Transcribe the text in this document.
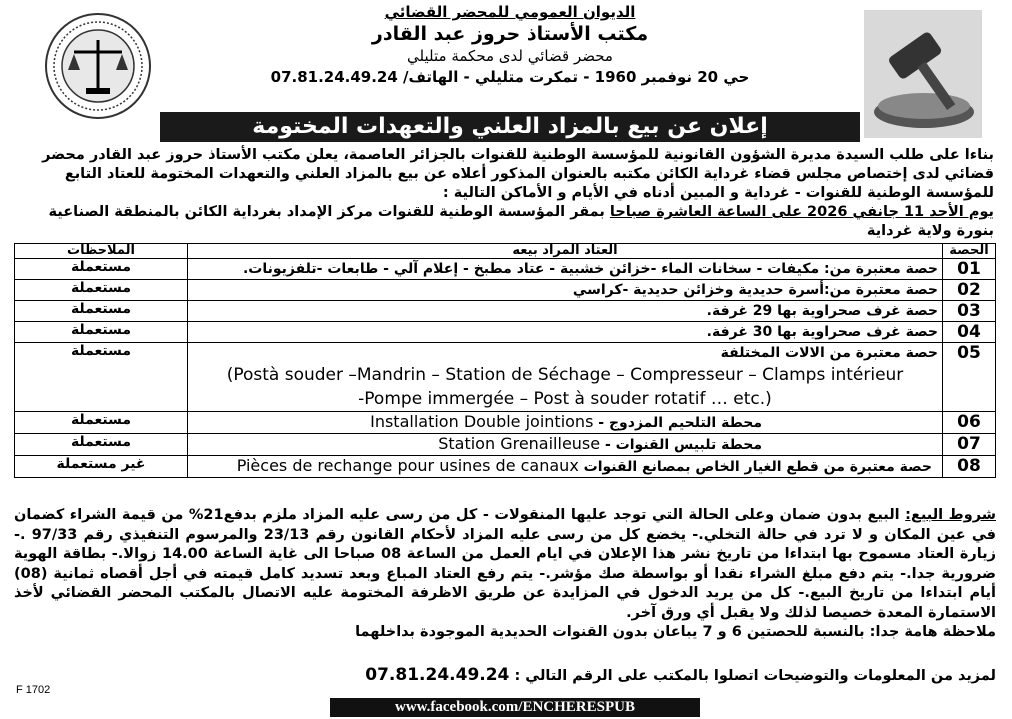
الديوان العمومي للمحضر القضائي
مكتب الأستاذ حروز عبد القادر
محضر قضائي لدى محكمة متليلي
حي 20 نوفمبر 1960 - تمكرت متليلي - الهاتف/ 07.81.24.49.24
إعلان عن بيع بالمزاد العلني والتعهدات المختومة

بناءا على طلب السيدة مديرة الشؤون القانونية للمؤسسة الوطنية للقنوات بالجزائر العاصمة، يعلن مكتب الأستاذ حروز عبد القادر محضر قضائي لدى إختصاص مجلس قضاء غرداية الكائن مكتبه بالعنوان المذكور أعلاه عن بيع بالمزاد العلني والتعهدات المختومة للعتاد التابع للمؤسسة الوطنية للقنوات - غرداية و المبين أدناه في الأيام و الأماكن التالية :

يوم الأحد 11 جانفي 2026 على الساعة العاشرة صباحا بمقر المؤسسة الوطنية للقنوات مركز الإمداد بغرداية الكائن بالمنطقة الصناعية بنورة ولاية غرداية

الحصة	العتاد المراد بيعه	الملاحظات
01	حصة معتبرة من: مكيفات - سخانات الماء -خزائن خشبية - عتاد مطبخ - إعلام آلي - طابعات -تلفزيونات.	مستعملة
02	حصة معتبرة من:أسرة حديدية وخزائن حديدية -كراسي	مستعملة
03	حصة غرف صحراوية بها 29 غرفة.	مستعملة
04	حصة غرف صحراوية بها 30 غرفة.	مستعملة
05	حصة معتبرة من الالات المختلفة
(Postà souder –Mandrin – Station de Séchage – Compresseur – Clamps intérieur
-Pompe immergée – Post à souder rotatif … etc.)	مستعملة
06	محطة التلحيم المزدوج - Installation Double jointions	مستعملة
07	محطة تلبيس القنوات - Station Grenailleuse	مستعملة
08	حصة معتبرة من قطع الغيار الخاص بمصانع القنوات Pièces de rechange pour usines de canaux	غير مستعملة

شروط البيع: البيع بدون ضمان وعلى الحالة التي توجد عليها المنقولات - كل من رسى عليه المزاد ملزم بدفع21% من قيمة الشراء كضمان في عين المكان و لا ترد في حالة التخلي.- يخضع كل من رسى عليه المزاد لأحكام القانون رقم 23/13 والمرسوم التنفيذي رقم 97/33 .- زيارة العتاد مسموح بها ابتداءا من تاريخ نشر هذا الإعلان في ايام العمل من الساعة 08 صباحا الى غاية الساعة 14.00 زوالا.- بطاقة الهوية ضرورية جدا.- يتم دفع مبلغ الشراء نقدا أو بواسطة صك مؤشر.- يتم رفع العتاد المباع وبعد تسديد كامل قيمته في أجل أقصاه ثمانية (08) أيام ابتداءا من تاريخ البيع.- كل من يريد الدخول في المزايدة عن طريق الاظرفة المختومة عليه الاتصال بالمكتب المحضر القضائي لأخذ الاستمارة المعدة خصيصا لذلك ولا يقبل أي ورق آخر.

ملاحظة هامة جدا: بالنسبة للحصتين 6 و 7 يباعان بدون القنوات الحديدية الموجودة بداخلهما

لمزيد من المعلومات والتوضيحات اتصلوا بالمكتب على الرقم التالي : 07.81.24.49.24

F 1702
www.facebook.com/ENCHERESPUB
